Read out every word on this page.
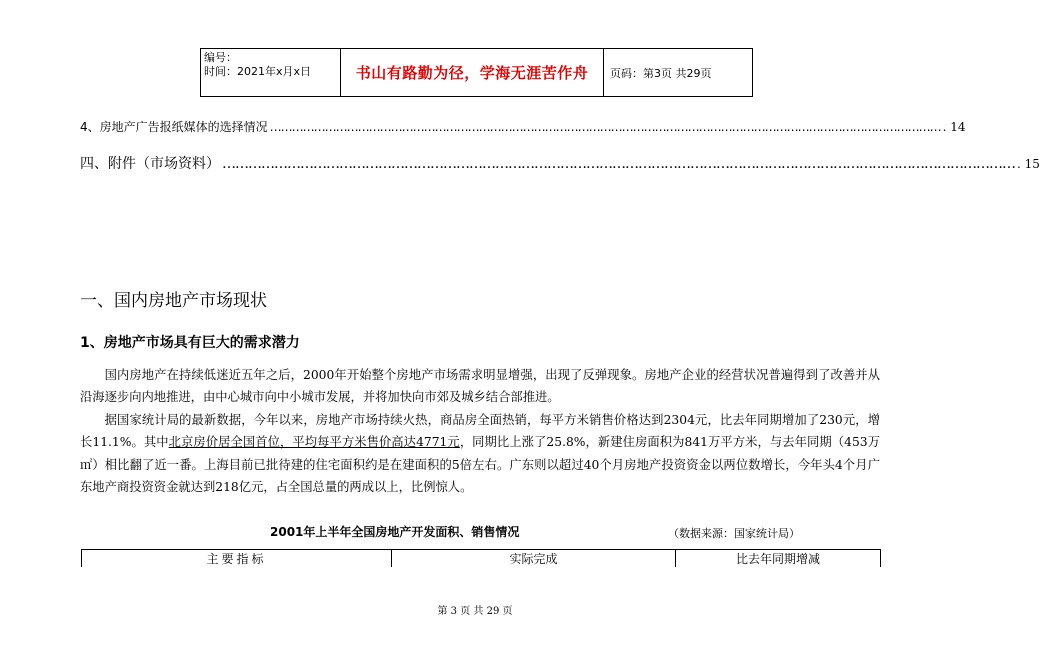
编号：
时间：2021年x月x日	书山有路勤为径，学海无涯苦作舟	页码：第3页 共29页
4、房地产广告报纸媒体的选择情况 ………………………………………………………………………………………………………………………………………………………………… . 14
四、附件（市场资料） ………………………………………………………………………………………………………………………………………………………………… . 15
一、国内房地产市场现状
1、房地产市场具有巨大的需求潜力

国内房地产在持续低迷近五年之后，2000年开始整个房地产市场需求明显增强，出现了反弹现象。房地产企业的经营状况普遍得到了改善并从沿海逐步向内地推进，由中心城市向中小城市发展，并将加快向市郊及城乡结合部推进。

据国家统计局的最新数据，今年以来，房地产市场持续火热，商品房全面热销，每平方米销售价格达到2304元，比去年同期增加了230元，增长11.1%。其中北京房价居全国首位，平均每平方米售价高达4771元，同期比上涨了25.8%，新建住房面积为841万平方米，与去年同期（453万㎡）相比翻了近一番。上海目前已批待建的住宅面积约是在建面积的5倍左右。广东则以超过40个月房地产投资资金以两位数增长，今年头4个月广东地产商投资资金就达到218亿元，占全国总量的两成以上，比例惊人。

2001年上半年全国房地产开发面积、销售情况	（数据来源：国家统计局）
主要指标	实际完成	比去年同期增减
第 3 页 共 29 页
